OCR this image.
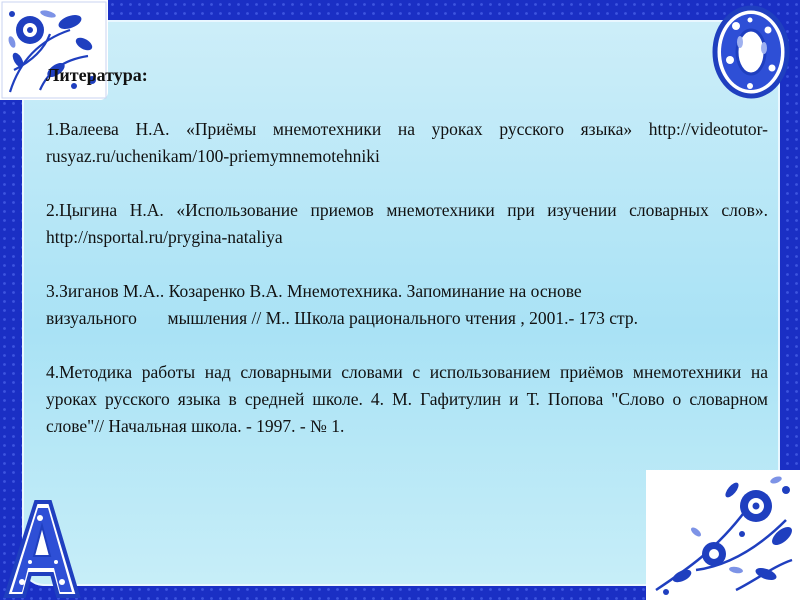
Литература:
1.Валеева Н.А. «Приёмы мнемотехники на уроках русского языка» http://videotutor-rusyaz.ru/uchenikam/100-priemymnemotehniki
2.Цыгина Н.А. «Использование приемов мнемотехники при изучении словарных слов». http://nsportal.ru/prygina-nataliya
3.Зиганов М.А.. Козаренко В.А. Мнемотехника. Запоминание на основе
визуального       мышления // М.. Школа рационального чтения , 2001.- 173 стр.
4.Методика работы над словарными словами с использованием приёмов мнемотехники на уроках русского языка в средней школе. 4. М. Гафитулин и Т. Попова "Слово о словарном слове"// Начальная школа. - 1997. - № 1.
